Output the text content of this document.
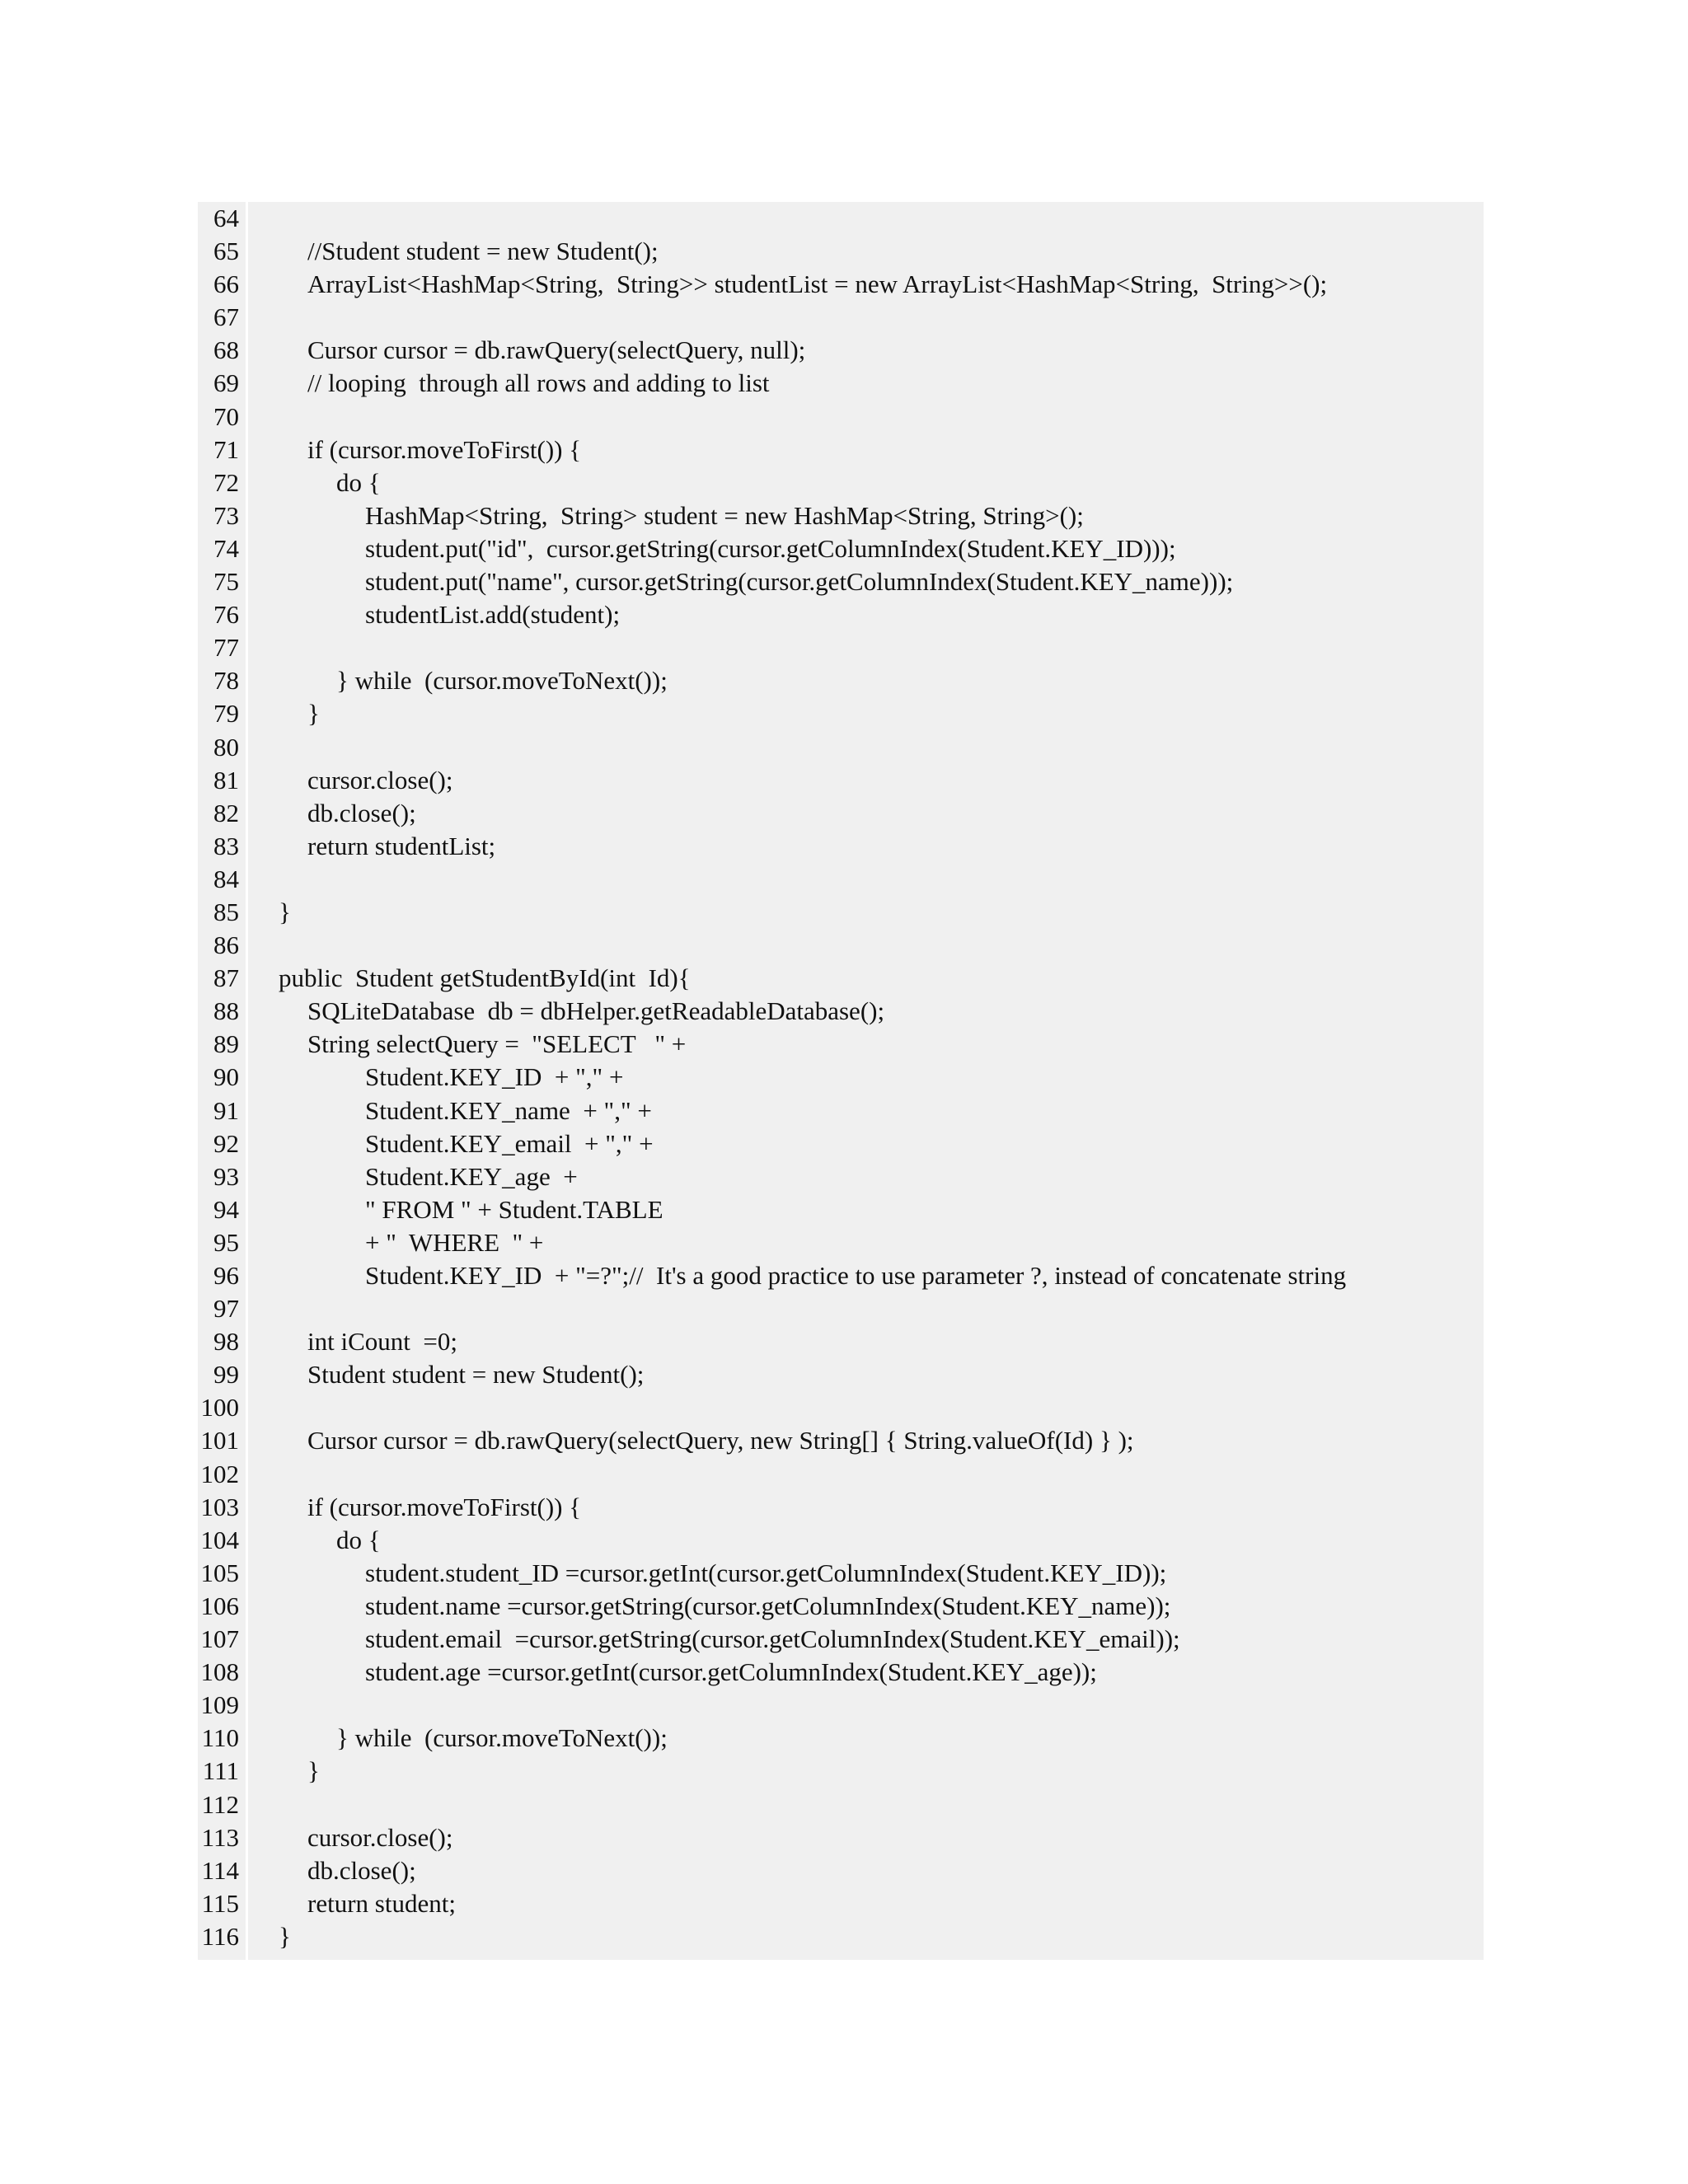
64
65	//Student student = new Student();
66	ArrayList<HashMap<String,  String>> studentList = new ArrayList<HashMap<String,  String>>();
67
68	Cursor cursor = db.rawQuery(selectQuery, null);
69	// looping  through all rows and adding to list
70
71	if (cursor.moveToFirst()) {
72	do {
73	HashMap<String,  String> student = new HashMap<String, String>();
74	student.put("id",  cursor.getString(cursor.getColumnIndex(Student.KEY_ID)));
75	student.put("name", cursor.getString(cursor.getColumnIndex(Student.KEY_name)));
76	studentList.add(student);
77
78	} while  (cursor.moveToNext());
79	}
80
81	cursor.close();
82	db.close();
83	return studentList;
84
85 }
86
87 public  Student getStudentById(int  Id){
88	SQLiteDatabase  db = dbHelper.getReadableDatabase();
89	String selectQuery =  "SELECT   " +
90	Student.KEY_ID  + "," +
91	Student.KEY_name  + "," +
92	Student.KEY_email  + "," +
93	Student.KEY_age  +
94	" FROM " + Student.TABLE
95	+ "  WHERE  " +
96	Student.KEY_ID  + "=?";//  It's a good practice to use parameter ?, instead of concatenate string
97
98	int iCount  =0;
99	Student student = new Student();
100
101	Cursor cursor = db.rawQuery(selectQuery, new String[] { String.valueOf(Id) } );
102
103	if (cursor.moveToFirst()) {
104	do {
105	student.student_ID =cursor.getInt(cursor.getColumnIndex(Student.KEY_ID));
106	student.name =cursor.getString(cursor.getColumnIndex(Student.KEY_name));
107	student.email  =cursor.getString(cursor.getColumnIndex(Student.KEY_email));
108	student.age =cursor.getInt(cursor.getColumnIndex(Student.KEY_age));
109
110	} while  (cursor.moveToNext());
111	}
112
113	cursor.close();
114	db.close();
115	return student;
116 }
